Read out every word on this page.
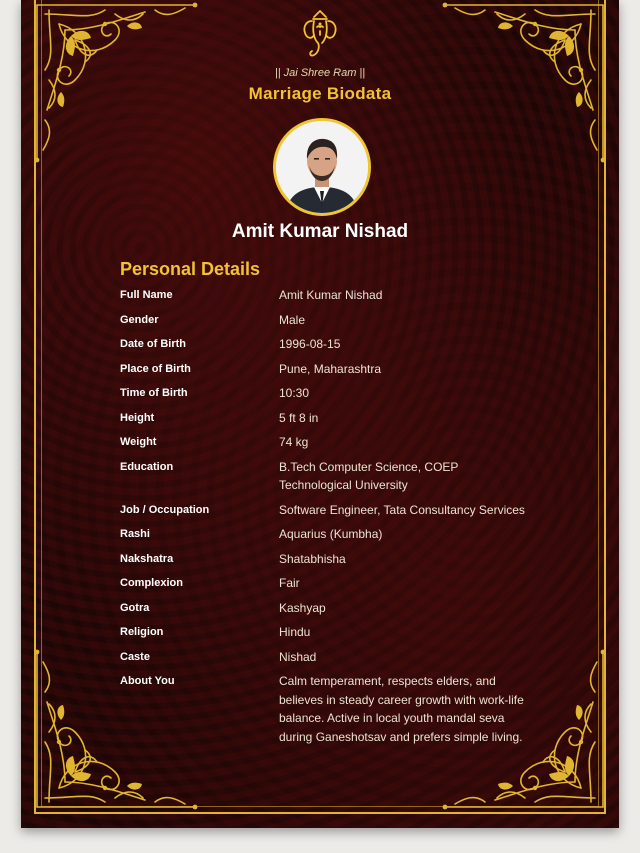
|| Jai Shree Ram ||
Marriage Biodata
Amit Kumar Nishad
Personal Details
Full Name	Amit Kumar Nishad
Gender	Male
Date of Birth	1996-08-15
Place of Birth	Pune, Maharashtra
Time of Birth	10:30
Height	5 ft 8 in
Weight	74 kg
Education	B.Tech Computer Science, COEP Technological University
Job / Occupation	Software Engineer, Tata Consultancy Services
Rashi	Aquarius (Kumbha)
Nakshatra	Shatabhisha
Complexion	Fair
Gotra	Kashyap
Religion	Hindu
Caste	Nishad
About You	Calm temperament, respects elders, and believes in steady career growth with work-life balance. Active in local youth mandal seva during Ganeshotsav and prefers simple living.
